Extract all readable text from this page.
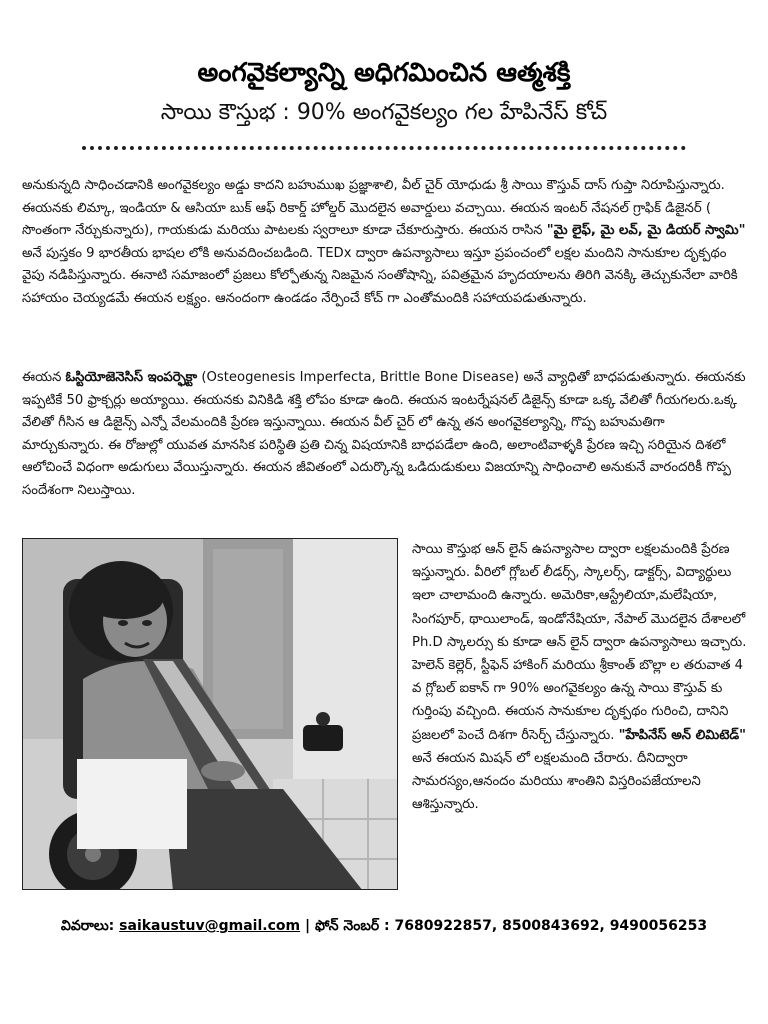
అంగవైకల్యాన్ని అధిగమించిన ఆత్మశక్తి
సాయి కౌస్తుభ : 90% అంగవైకల్యం గల హేపినేస్ కోచ్

అనుకున్నది సాధించడానికి అంగవైకల్యం అడ్డు కాదని బహుముఖ ప్రజ్ఞాశాలి, వీల్ చైర్ యోధుడు శ్రీ సాయి కౌస్తువ్ దాస్ గుప్తా నిరూపిస్తున్నారు. ఈయనకు లిమ్కా, ఇండియా & ఆసియా బుక్ ఆఫ్ రికార్డ్ హోల్డర్ మొదలైన అవార్డులు వచ్చాయి. ఈయన ఇంటర్ నేషనల్ గ్రాఫిక్ డిజైనర్ ( సొంతంగా నేర్చుకున్నారు), గాయకుడు మరియు పాటలకు స్వరాలూ కూడా చేకూరుస్తారు. ఈయన రాసిన "మై లైఫ్, మై లవ్, మై డియర్ స్వామి" అనే పుస్తకం 9 భారతీయ భాషల లోకి అనువదించబడింది. TEDx ద్వారా ఉపన్యాసాలు ఇస్తూ ప్రపంచంలో లక్షల మందిని సానుకూల దృక్పథం వైపు నడిపిస్తున్నారు. ఈనాటి సమాజంలో ప్రజలు కోల్పోతున్న నిజమైన సంతోషాన్ని, పవిత్రమైన హృదయాలను తిరిగి వెనక్కి తెచ్చుకునేలా వారికి సహాయం చెయ్యడమే ఈయన లక్ష్యం. ఆనందంగా ఉండడం నేర్పించే కోచ్ గా ఎంతోమందికి సహాయపడుతున్నారు.

ఈయన ఓస్టియోజెనెసిస్ ఇంపర్ఫెక్టా (Osteogenesis Imperfecta, Brittle Bone Disease) అనే వ్యాధితో బాధపడుతున్నారు. ఈయనకు ఇప్పటికే 50 ఫ్రాక్చర్లు అయ్యాయి. ఈయనకు వినికిడి శక్తి లోపం కూడా ఉంది. ఈయన ఇంటర్నేషనల్ డిజైన్స్ కూడా ఒక్క వేలితో గీయగలరు.ఒక్క వేలితో గీసిన ఆ డిజైన్స్ ఎన్నో వేలమందికి ప్రేరణ ఇస్తున్నాయి. ఈయన వీల్ చైర్ లో ఉన్న తన అంగవైకల్యాన్ని, గొప్ప బహుమతిగా మార్చుకున్నారు. ఈ రోజుల్లో యువత మానసిక పరిస్థితి ప్రతి చిన్న విషయానికి బాధపడేలా ఉంది, అలాంటివాళ్ళకి ప్రేరణ ఇచ్చి సరియైన దిశలో ఆలోచించే విధంగా అడుగులు వేయిస్తున్నారు. ఈయన జీవితంలో ఎదుర్కొన్న ఒడిదుడుకులు విజయాన్ని సాధించాలి అనుకునే వారందరికీ గొప్ప సందేశంగా నిలుస్తాయి.

సాయి కౌస్తుభ ఆన్ లైన్ ఉపన్యాసాల ద్వారా లక్షలమందికి ప్రేరణ ఇస్తున్నారు. వీరిలో గ్లోబల్ లీడర్స్, స్కాలర్స్, డాక్టర్స్, విద్యార్థులు ఇలా చాలామంది ఉన్నారు. అమెరికా,ఆస్ట్రేలియా,మలేషియా, సింగపూర్, థాయిలాండ్, ఇండోనేషియా, నేపాల్ మొదలైన దేశాలలో Ph.D స్కాలర్సు కు కూడా ఆన్ లైన్ ద్వారా ఉపన్యాసాలు ఇచ్చారు. హెలెన్ కెల్లెర్, స్టీఫెన్ హాకింగ్ మరియు శ్రీకాంత్ బొల్లా ల తరువాత 4 వ గ్లోబల్ ఐకాన్ గా 90% అంగవైకల్యం ఉన్న సాయి కౌస్తువ్ కు గుర్తింపు వచ్చింది. ఈయన సానుకూల దృక్పథం గురించి, దానిని ప్రజలలో పెంచే దిశగా రీసెర్చ్ చేస్తున్నారు. "హేపినేస్ అన్ లిమిటెడ్" అనే ఈయన మిషన్ లో లక్షలమంది చేరారు. దీనిద్వారా సామరస్యం,ఆనందం మరియు శాంతిని విస్తరింపజేయాలని ఆశిస్తున్నారు.

వివరాలు: saikaustuv@gmail.com | ఫోన్ నెంబర్ : 7680922857, 8500843692, 9490056253
